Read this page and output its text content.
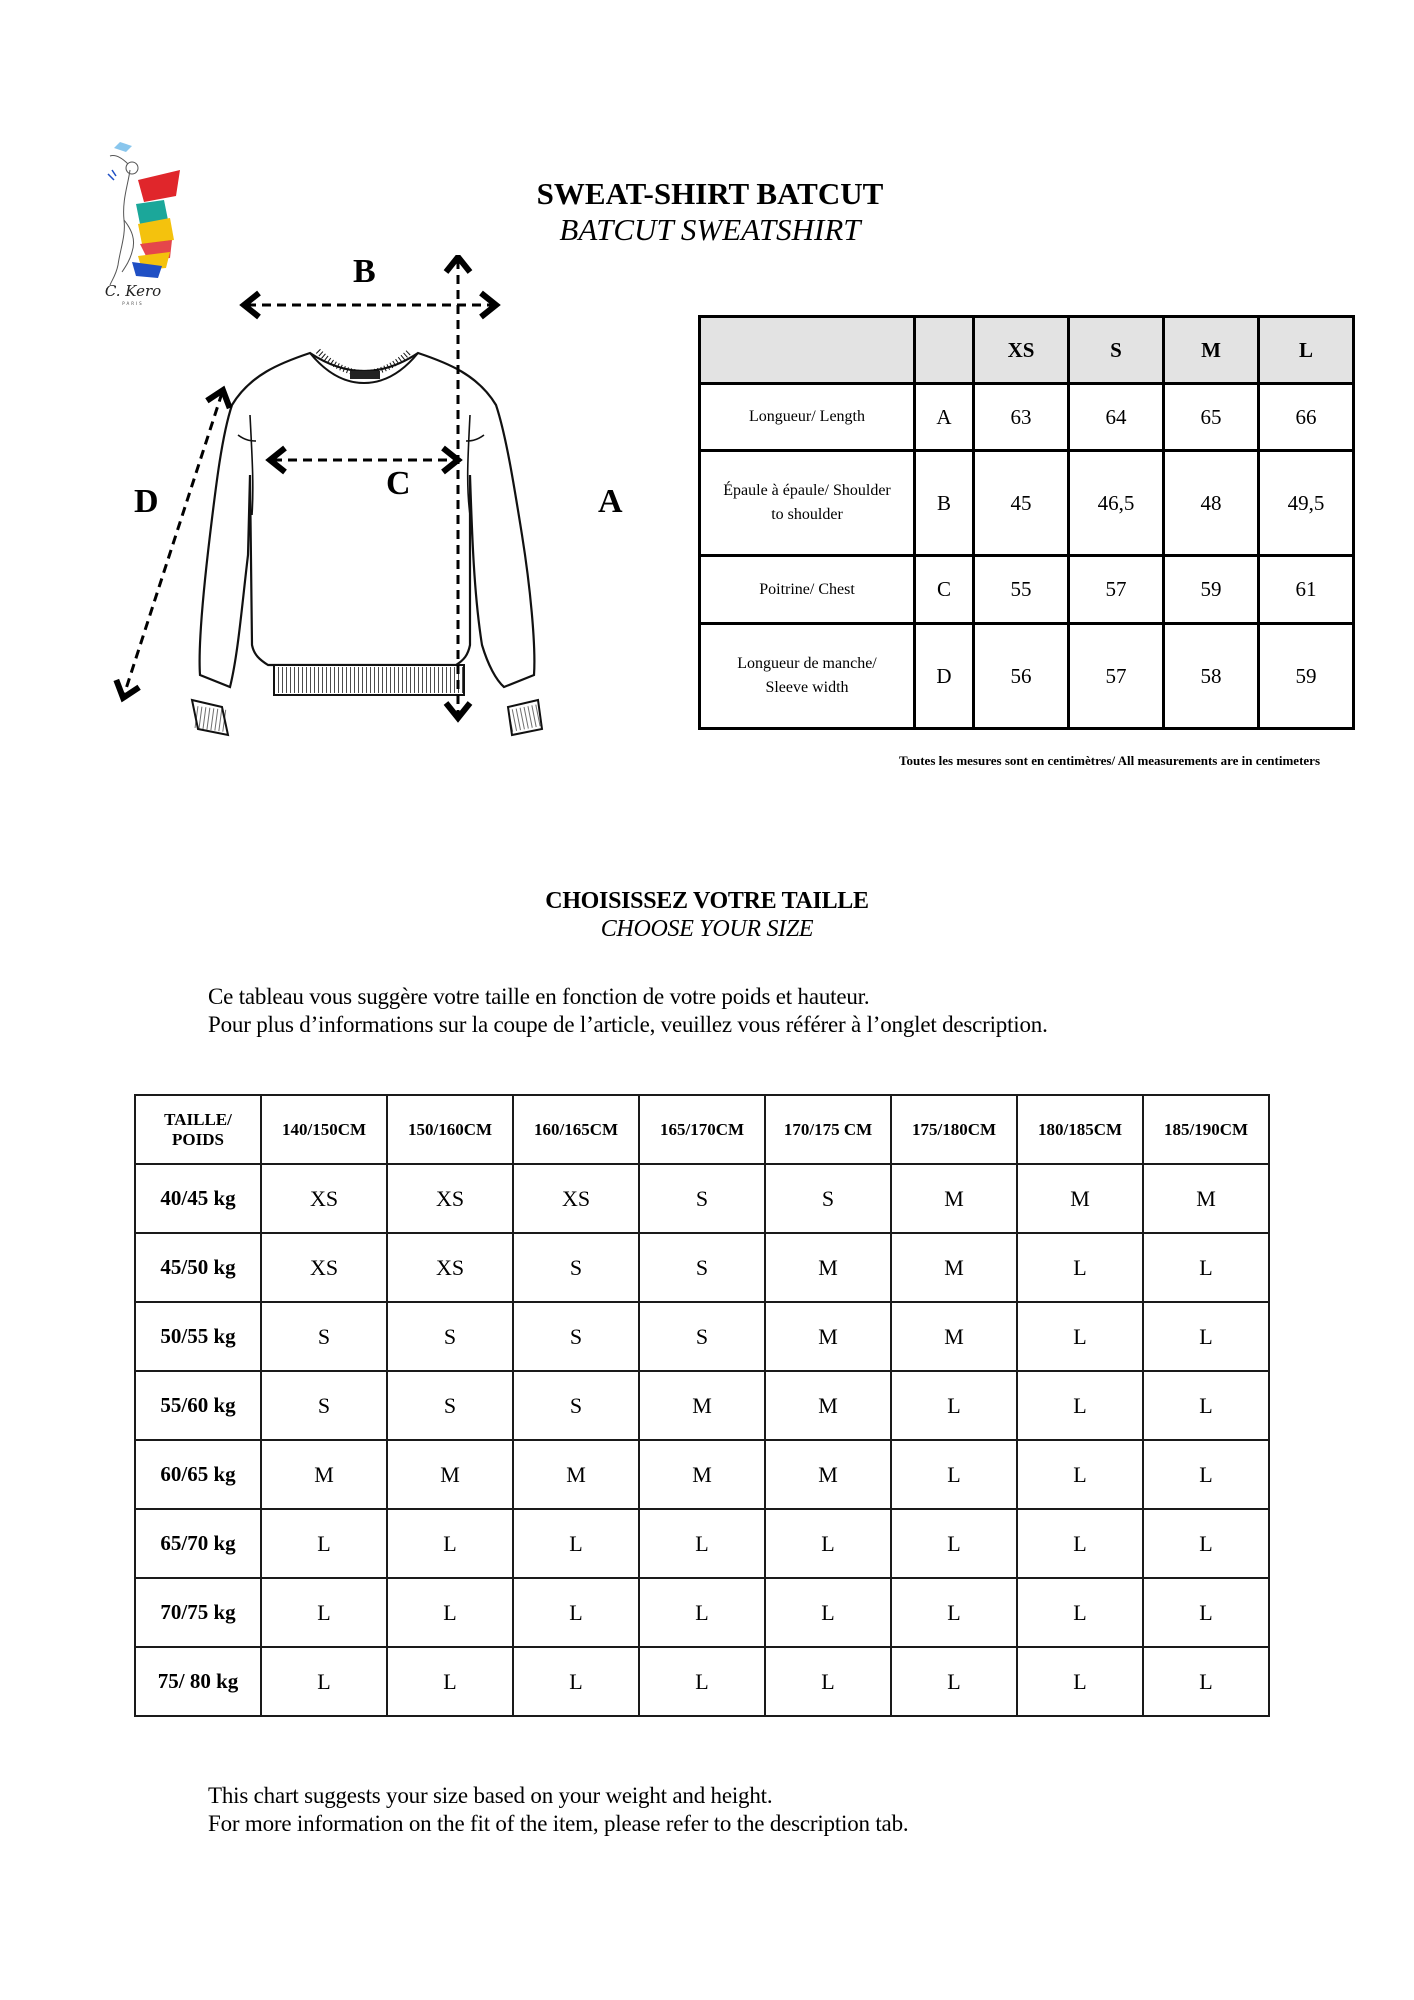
C. Kero
PARIS
SWEAT-SHIRT BATCUT
BATCUT SWEATSHIRT
B
C
D	A
		XS	S	M	L
Longueur/ Length	A	63	64	65	66
Épaule à épaule/ Shoulder to shoulder	B	45	46,5	48	49,5
Poitrine/ Chest	C	55	57	59	61
Longueur de manche/ Sleeve width	D	56	57	58	59
Toutes les mesures sont en centimètres/ All measurements are in centimeters
CHOISISSEZ VOTRE TAILLE
CHOOSE YOUR SIZE
Ce tableau vous suggère votre taille en fonction de votre poids et hauteur.
Pour plus d’informations sur la coupe de l’article, veuillez vous référer à l’onglet description.
TAILLE/
POIDS	140/150CM	150/160CM	160/165CM	165/170CM	170/175 CM	175/180CM	180/185CM	185/190CM
40/45 kg	XS	XS	XS	S	S	M	M	M
45/50 kg	XS	XS	S	S	M	M	L	L
50/55 kg	S	S	S	S	M	M	L	L
55/60 kg	S	S	S	M	M	L	L	L
60/65 kg	M	M	M	M	M	L	L	L
65/70 kg	L	L	L	L	L	L	L	L
70/75 kg	L	L	L	L	L	L	L	L
75/ 80 kg	L	L	L	L	L	L	L	L
This chart suggests your size based on your weight and height.
For more information on the fit of the item, please refer to the description tab.
